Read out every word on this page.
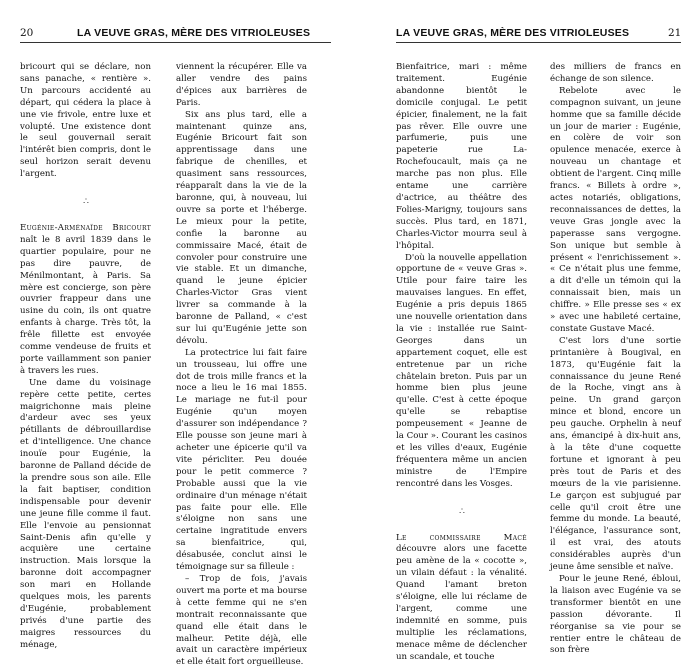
20	LA VEUVE GRAS, MÈRE DES VITRIOLEUSES

bricourt qui se déclare, non sans panache, « rentière ». Un parcours accidenté au départ, qui cédera la place à une vie frivole, entre luxe et volupté. Une existence dont le seul gouvernail serait l'intérêt bien compris, dont le seul horizon serait devenu l'argent.

∴

Eugénie-Arménaïde Bricourt naît le 8 avril 1839 dans le quartier populaire, pour ne pas dire pauvre, de Ménilmontant, à Paris. Sa mère est concierge, son père ouvrier frappeur dans une usine du coin, ils ont quatre enfants à charge. Très tôt, la frêle fillette est envoyée comme vendeuse de fruits et porte vaillamment son panier à travers les rues.

Une dame du voisinage repère cette petite, certes maigrichonne mais pleine d'ardeur avec ses yeux pétillants de débrouillardise et d'intelligence. Une chance inouïe pour Eugénie, la baronne de Palland décide de la prendre sous son aile. Elle la fait baptiser, condition indispensable pour devenir une jeune fille comme il faut. Elle l'envoie au pensionnat Saint-Denis afin qu'elle y acquière une certaine instruction. Mais lorsque la baronne doit accompagner son mari en Hollande quelques mois, les parents d'Eugénie, probablement privés d'une partie des maigres ressources du ménage,

viennent la récupérer. Elle va aller vendre des pains d'épices aux barrières de Paris.

Six ans plus tard, elle a maintenant quinze ans, Eugénie Bricourt fait son apprentissage dans une fabrique de chenilles, et quasiment sans ressources, réapparaît dans la vie de la baronne, qui, à nouveau, lui ouvre sa porte et l'héberge. Le mieux pour la petite, confie la baronne au commissaire Macé, était de convoler pour construire une vie stable. Et un dimanche, quand le jeune épicier Charles-Victor Gras vient livrer sa commande à la baronne de Palland, « c'est sur lui qu'Eugénie jette son dévolu.

La protectrice lui fait faire un trousseau, lui offre une dot de trois mille francs et la noce a lieu le 16 mai 1855. Le mariage ne fut-il pour Eugénie qu'un moyen d'assurer son indépendance ? Elle pousse son jeune mari à acheter une épicerie qu'il va vite péricliter. Peu douée pour le petit commerce ? Probable aussi que la vie ordinaire d'un ménage n'était pas faite pour elle. Elle s'éloigne non sans une certaine ingratitude envers sa bienfaitrice, qui, désabusée, conclut ainsi le témoignage sur sa filleule :

– Trop de fois, j'avais ouvert ma porte et ma bourse à cette femme qui ne s'en montrait reconnaissante que quand elle était dans le malheur. Petite déjà, elle avait un caractère impérieux et elle était fort orgueilleuse.

LA VEUVE GRAS, MÈRE DES VITRIOLEUSES	21

Bienfaitrice, mari : même traitement. Eugénie abandonne bientôt le domicile conjugal. Le petit épicier, finalement, ne la fait pas rêver. Elle ouvre une parfumerie, puis une papeterie rue La-Rochefoucault, mais ça ne marche pas non plus. Elle entame une carrière d'actrice, au théâtre des Folies-Marigny, toujours sans succès. Plus tard, en 1871, Charles-Victor mourra seul à l'hôpital.

D'où la nouvelle appellation opportune de « veuve Gras ». Utile pour faire taire les mauvaises langues. En effet, Eugénie a pris depuis 1865 une nouvelle orientation dans la vie : installée rue Saint-Georges dans un appartement coquet, elle est entretenue par un riche châtelain breton. Puis par un homme bien plus jeune qu'elle. C'est à cette époque qu'elle se rebaptise pompeusement « Jeanne de la Cour ». Courant les casinos et les villes d'eaux, Eugénie fréquentera même un ancien ministre de l'Empire rencontré dans les Vosges.

∴

Le commissaire Macé découvre alors une facette peu amène de la « cocotte », un vilain défaut : la vénalité. Quand l'amant breton s'éloigne, elle lui réclame de l'argent, comme une indemnité en somme, puis multiplie les réclamations, menace même de déclencher un scandale, et touche

des milliers de francs en échange de son silence.

Rebelote avec le compagnon suivant, un jeune homme que sa famille décide un jour de marier : Eugénie, en colère de voir son opulence menacée, exerce à nouveau un chantage et obtient de l'argent. Cinq mille francs. « Billets à ordre », actes notariés, obligations, reconnaissances de dettes, la veuve Gras jongle avec la paperasse sans vergogne. Son unique but semble à présent « l'enrichissement ». « Ce n'était plus une femme, a dit d'elle un témoin qui la connaissait bien, mais un chiffre. » Elle presse ses « ex » avec une habileté certaine, constate Gustave Macé.

C'est lors d'une sortie printanière à Bougival, en 1873, qu'Eugénie fait la connaissance du jeune René de la Roche, vingt ans à peine. Un grand garçon mince et blond, encore un peu gauche. Orphelin à neuf ans, émancipé à dix-huit ans, à la tête d'une coquette fortune et ignorant à peu près tout de Paris et des mœurs de la vie parisienne. Le garçon est subjugué par celle qu'il croit être une femme du monde. La beauté, l'élégance, l'assurance sont, il est vrai, des atouts considérables auprès d'un jeune âme sensible et naïve.

Pour le jeune René, ébloui, la liaison avec Eugénie va se transformer bientôt en une passion dévorante. Il réorganise sa vie pour se rentier entre le château de son frère
